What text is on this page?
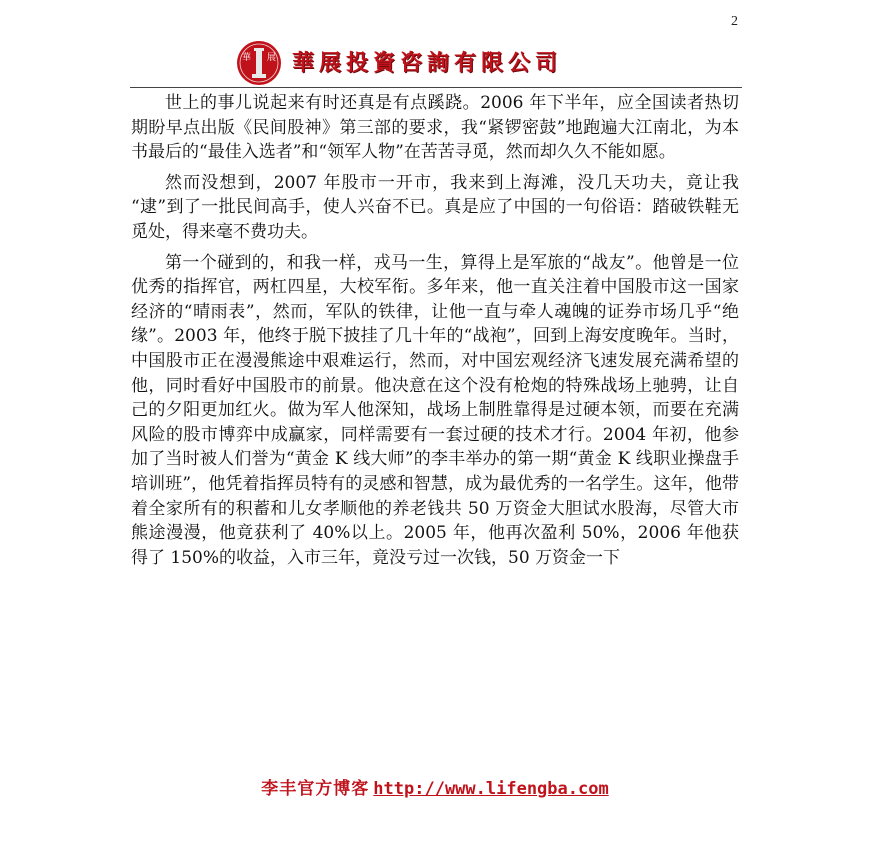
2
華 展 華展投資咨詢有限公司

世上的事儿说起来有时还真是有点蹊跷。2006 年下半年，应全国读者热切期盼早点出版《民间股神》第三部的要求，我“紧锣密鼓”地跑遍大江南北，为本书最后的“最佳入选者”和“领军人物”在苦苦寻觅，然而却久久不能如愿。

然而没想到，2007 年股市一开市，我来到上海滩，没几天功夫，竟让我 “逮”到了一批民间高手，使人兴奋不已。真是应了中国的一句俗语：踏破铁鞋无觅处，得来毫不费功夫。

第一个碰到的，和我一样，戎马一生，算得上是军旅的“战友”。他曾是一位优秀的指挥官，两杠四星，大校军衔。多年来，他一直关注着中国股市这一国家经济的“晴雨表”，然而，军队的铁律，让他一直与牵人魂魄的证券市场几乎“绝缘”。2003 年，他终于脱下披挂了几十年的“战袍”，回到上海安度晚年。当时，中国股市正在漫漫熊途中艰难运行，然而，对中国宏观经济飞速发展充满希望的他，同时看好中国股市的前景。他决意在这个没有枪炮的特殊战场上驰骋，让自己的夕阳更加红火。做为军人他深知，战场上制胜靠得是过硬本领，而要在充满风险的股市博弈中成赢家，同样需要有一套过硬的技术才行。2004 年初，他参加了当时被人们誉为“黄金 K 线大师”的李丰举办的第一期“黄金 K 线职业操盘手培训班”，他凭着指挥员特有的灵感和智慧，成为最优秀的一名学生。这年，他带着全家所有的积蓄和儿女孝顺他的养老钱共 50 万资金大胆试水股海，尽管大市熊途漫漫，他竟获利了 40%以上。2005 年，他再次盈利 50%，2006 年他获得了 150%的收益，入市三年，竟没亏过一次钱，50 万资金一下

李丰官方博客 http://www.lifengba.com
